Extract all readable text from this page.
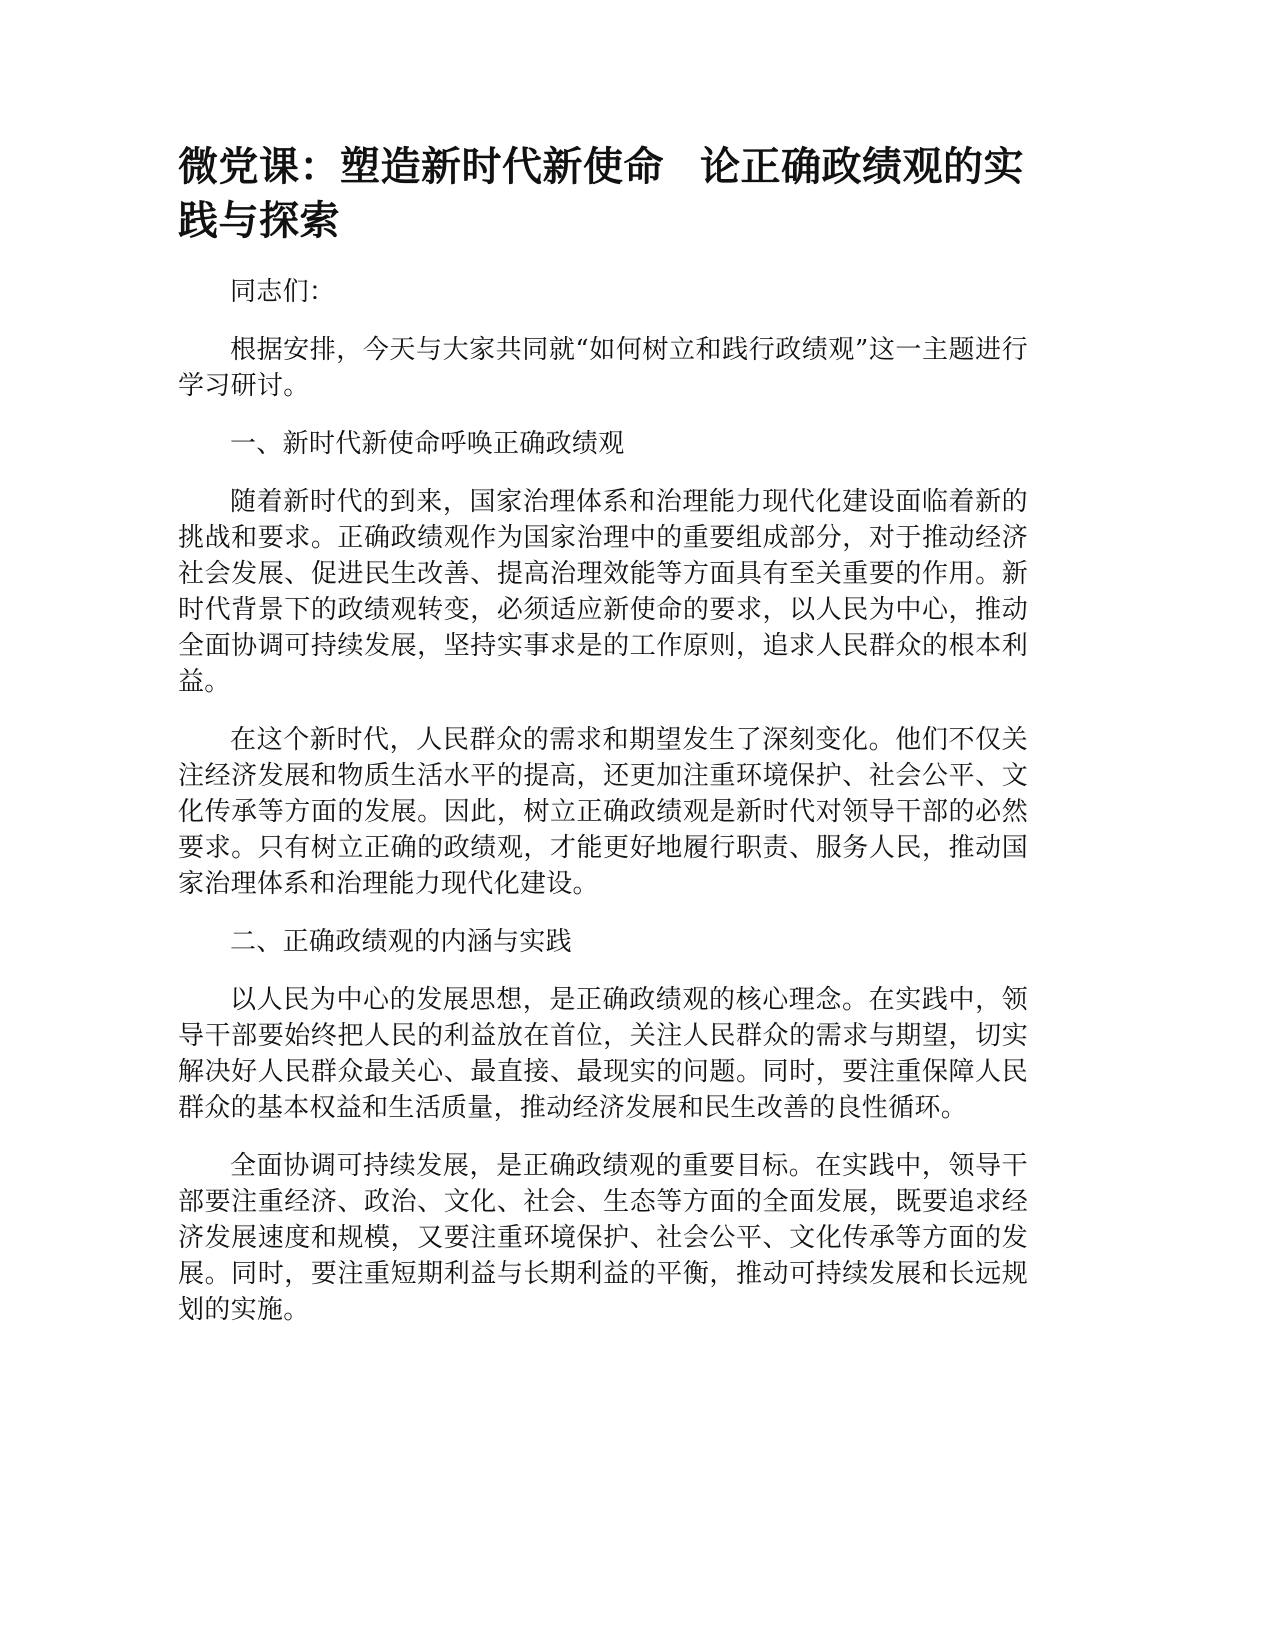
微党课：塑造新时代新使命 论正确政绩观的实践与探索

同志们：

根据安排，今天与大家共同就“如何树立和践行政绩观”这一主题进行学习研讨。

一、新时代新使命呼唤正确政绩观

随着新时代的到来，国家治理体系和治理能力现代化建设面临着新的挑战和要求。正确政绩观作为国家治理中的重要组成部分，对于推动经济社会发展、促进民生改善、提高治理效能等方面具有至关重要的作用。新时代背景下的政绩观转变，必须适应新使命的要求，以人民为中心，推动全面协调可持续发展，坚持实事求是的工作原则，追求人民群众的根本利益。

在这个新时代，人民群众的需求和期望发生了深刻变化。他们不仅关注经济发展和物质生活水平的提高，还更加注重环境保护、社会公平、文化传承等方面的发展。因此，树立正确政绩观是新时代对领导干部的必然要求。只有树立正确的政绩观，才能更好地履行职责、服务人民，推动国家治理体系和治理能力现代化建设。

二、正确政绩观的内涵与实践

以人民为中心的发展思想，是正确政绩观的核心理念。在实践中，领导干部要始终把人民的利益放在首位，关注人民群众的需求与期望，切实解决好人民群众最关心、最直接、最现实的问题。同时，要注重保障人民群众的基本权益和生活质量，推动经济发展和民生改善的良性循环。

全面协调可持续发展，是正确政绩观的重要目标。在实践中，领导干部要注重经济、政治、文化、社会、生态等方面的全面发展，既要追求经济发展速度和规模，又要注重环境保护、社会公平、文化传承等方面的发展。同时，要注重短期利益与长期利益的平衡，推动可持续发展和长远规划的实施。
